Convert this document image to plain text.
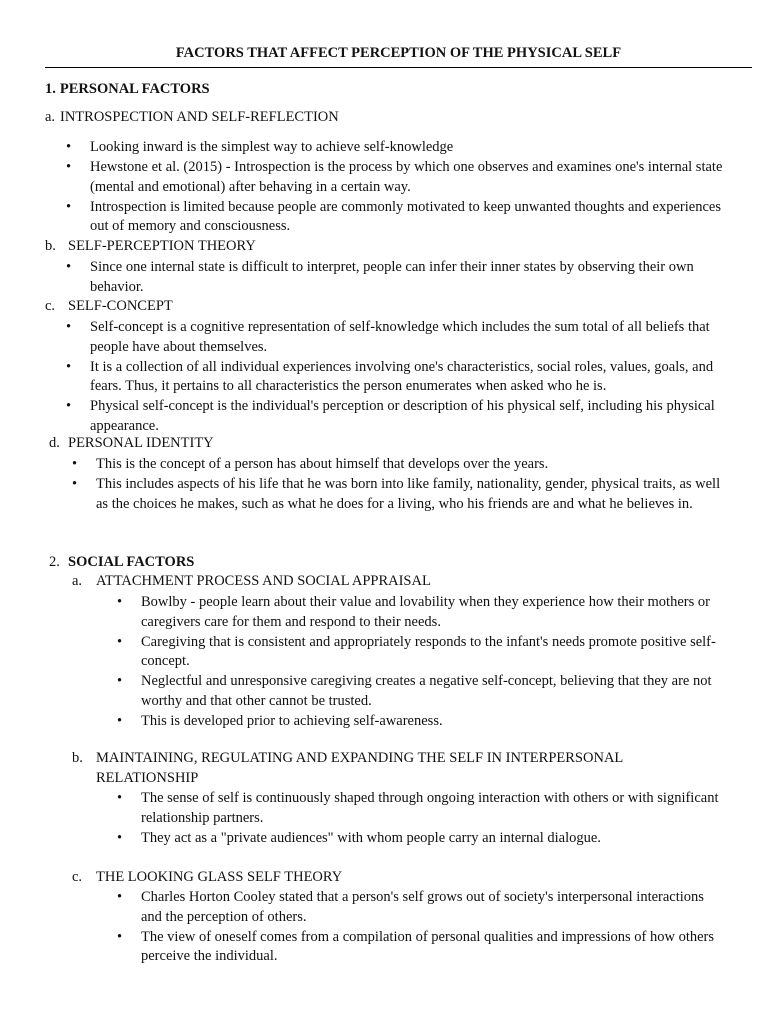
FACTORS THAT AFFECT PERCEPTION OF THE PHYSICAL SELF
1. PERSONAL FACTORS
a. INTROSPECTION AND SELF-REFLECTION
• Looking inward is the simplest way to achieve self-knowledge
• Hewstone et al. (2015) - Introspection is the process by which one observes and examines one's internal state (mental and emotional) after behaving in a certain way.
• Introspection is limited because people are commonly motivated to keep unwanted thoughts and experiences out of memory and consciousness.
b. SELF-PERCEPTION THEORY
• Since one internal state is difficult to interpret, people can infer their inner states by observing their own behavior.
c. SELF-CONCEPT
• Self-concept is a cognitive representation of self-knowledge which includes the sum total of all beliefs that people have about themselves.
• It is a collection of all individual experiences involving one's characteristics, social roles, values, goals, and fears. Thus, it pertains to all characteristics the person enumerates when asked who he is.
• Physical self-concept is the individual's perception or description of his physical self, including his physical appearance.
d. PERSONAL IDENTITY
• This is the concept of a person has about himself that develops over the years.
• This includes aspects of his life that he was born into like family, nationality, gender, physical traits, as well as the choices he makes, such as what he does for a living, who his friends are and what he believes in.
2. SOCIAL FACTORS
a. ATTACHMENT PROCESS AND SOCIAL APPRAISAL
• Bowlby - people learn about their value and lovability when they experience how their mothers or caregivers care for them and respond to their needs.
• Caregiving that is consistent and appropriately responds to the infant's needs promote positive self-concept.
• Neglectful and unresponsive caregiving creates a negative self-concept, believing that they are not worthy and that other cannot be trusted.
• This is developed prior to achieving self-awareness.
b. MAINTAINING, REGULATING AND EXPANDING THE SELF IN INTERPERSONAL RELATIONSHIP
• The sense of self is continuously shaped through ongoing interaction with others or with significant relationship partners.
• They act as a "private audiences" with whom people carry an internal dialogue.
c. THE LOOKING GLASS SELF THEORY
• Charles Horton Cooley stated that a person's self grows out of society's interpersonal interactions and the perception of others.
• The view of oneself comes from a compilation of personal qualities and impressions of how others perceive the individual.
